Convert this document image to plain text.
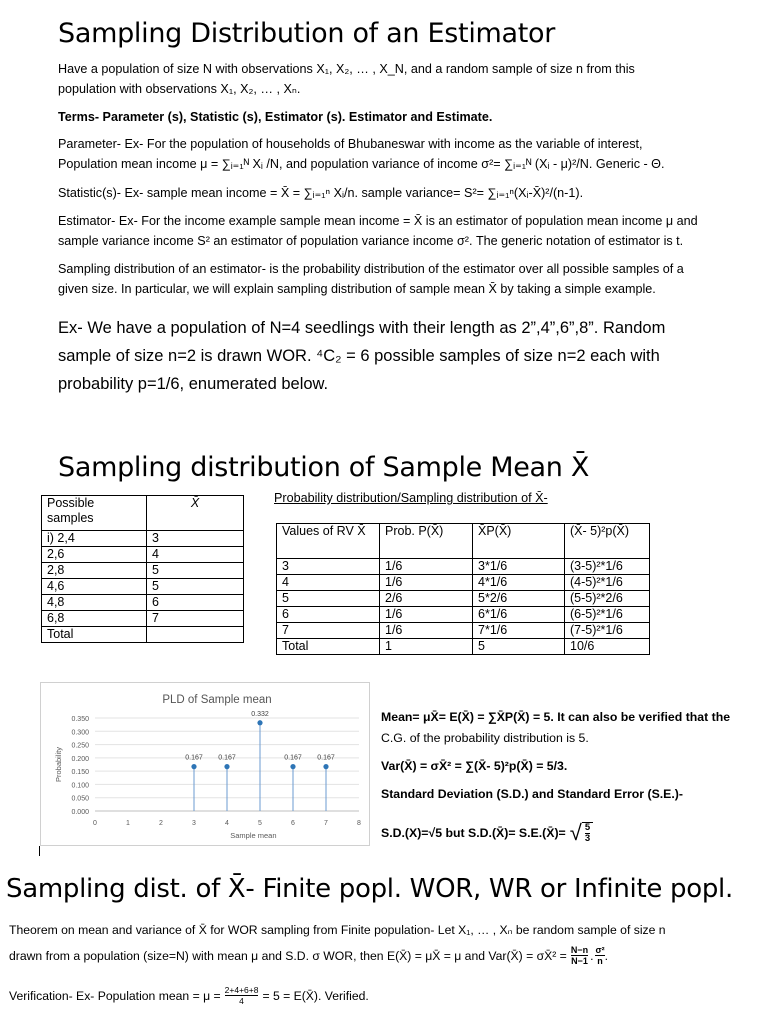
Sampling Distribution of an Estimator
Have a population of size N with observations X₁, X₂, … , X_N, and a random sample of size n from this
population with observations X₁, X₂, … , Xₙ.
Terms- Parameter (s), Statistic (s), Estimator (s). Estimator and Estimate.
Parameter- Ex- For the population of households of Bhubaneswar with income as the variable of interest,
Population mean income μ = ∑ᵢ₌₁ᴺ Xᵢ /N, and population variance of income σ²= ∑ᵢ₌₁ᴺ (Xᵢ - μ)²/N. Generic - Θ.
Statistic(s)- Ex- sample mean income = X̄ = ∑ᵢ₌₁ⁿ Xᵢ/n. sample variance= S²= ∑ᵢ₌₁ⁿ(Xᵢ-X̄)²/(n-1).
Estimator- Ex- For the income example sample mean income = X̄ is an estimator of population mean income μ and
sample variance income S² an estimator of population variance income σ². The generic notation of estimator is t.
Sampling distribution of an estimator- is the probability distribution of the estimator over all possible samples of a
given size. In particular, we will explain sampling distribution of sample mean X̄ by taking a simple example.
Ex- We have a population of N=4 seedlings with their length as 2”,4”,6”,8”. Random
sample of size n=2 is drawn WOR. ⁴C₂ = 6 possible samples of size n=2 each with
probability p=1/6, enumerated below.
Sampling distribution of Sample Mean X̄
Possible samples	X̄
i) 2,4	3
2,6	4
2,8	5
4,6	5
4,8	6
6,8	7
Total	
Probability distribution/Sampling distribution of X̄-
Values of RV X̄	Prob. P(X̄)	X̄P(X̄)	(X̄- 5)²p(X̄)
3	1/6	3*1/6	(3-5)²*1/6
4	1/6	4*1/6	(4-5)²*1/6
5	2/6	5*2/6	(5-5)²*2/6
6	1/6	6*1/6	(6-5)²*1/6
7	1/6	7*1/6	(7-5)²*1/6
Total	1	5	10/6
PLD of Sample mean
0.000
0.050
0.100
0.150
0.200
0.250
0.300
0.350
0	1	2	3	4	5	6	7	8
Probability
Sample mean
0.167 0.167
0.332
0.167 0.167
Mean= μX̄= E(X̄) = ∑X̄P(X̄) = 5. It can also be verified that the
C.G. of the probability distribution is 5.
Var(X̄) = σX̄² = ∑(X̄- 5)²p(X̄) = 5/3.
Standard Deviation (S.D.) and Standard Error (S.E.)-
S.D.(X)=√5 but S.D.(X̄)= S.E.(X̄)= √ $\frac{5}{3}$
Sampling dist. of X̄- Finite popl. WOR, WR or Infinite popl.
Theorem on mean and variance of X̄ for WOR sampling from Finite population- Let X₁, … , Xₙ be random sample of size n
drawn from a population (size=N) with mean μ and S.D. σ WOR, then E(X̄) = μX̄ = μ and Var(X̄) = σX̄² = $\frac{N-n}{N-1}$ . $\frac{\text{σ²}}{n}$ .
Verification- Ex- Population mean = $\mu = \frac{2+4+6+8}{4} = 5$ = E(X̄). Verified.
